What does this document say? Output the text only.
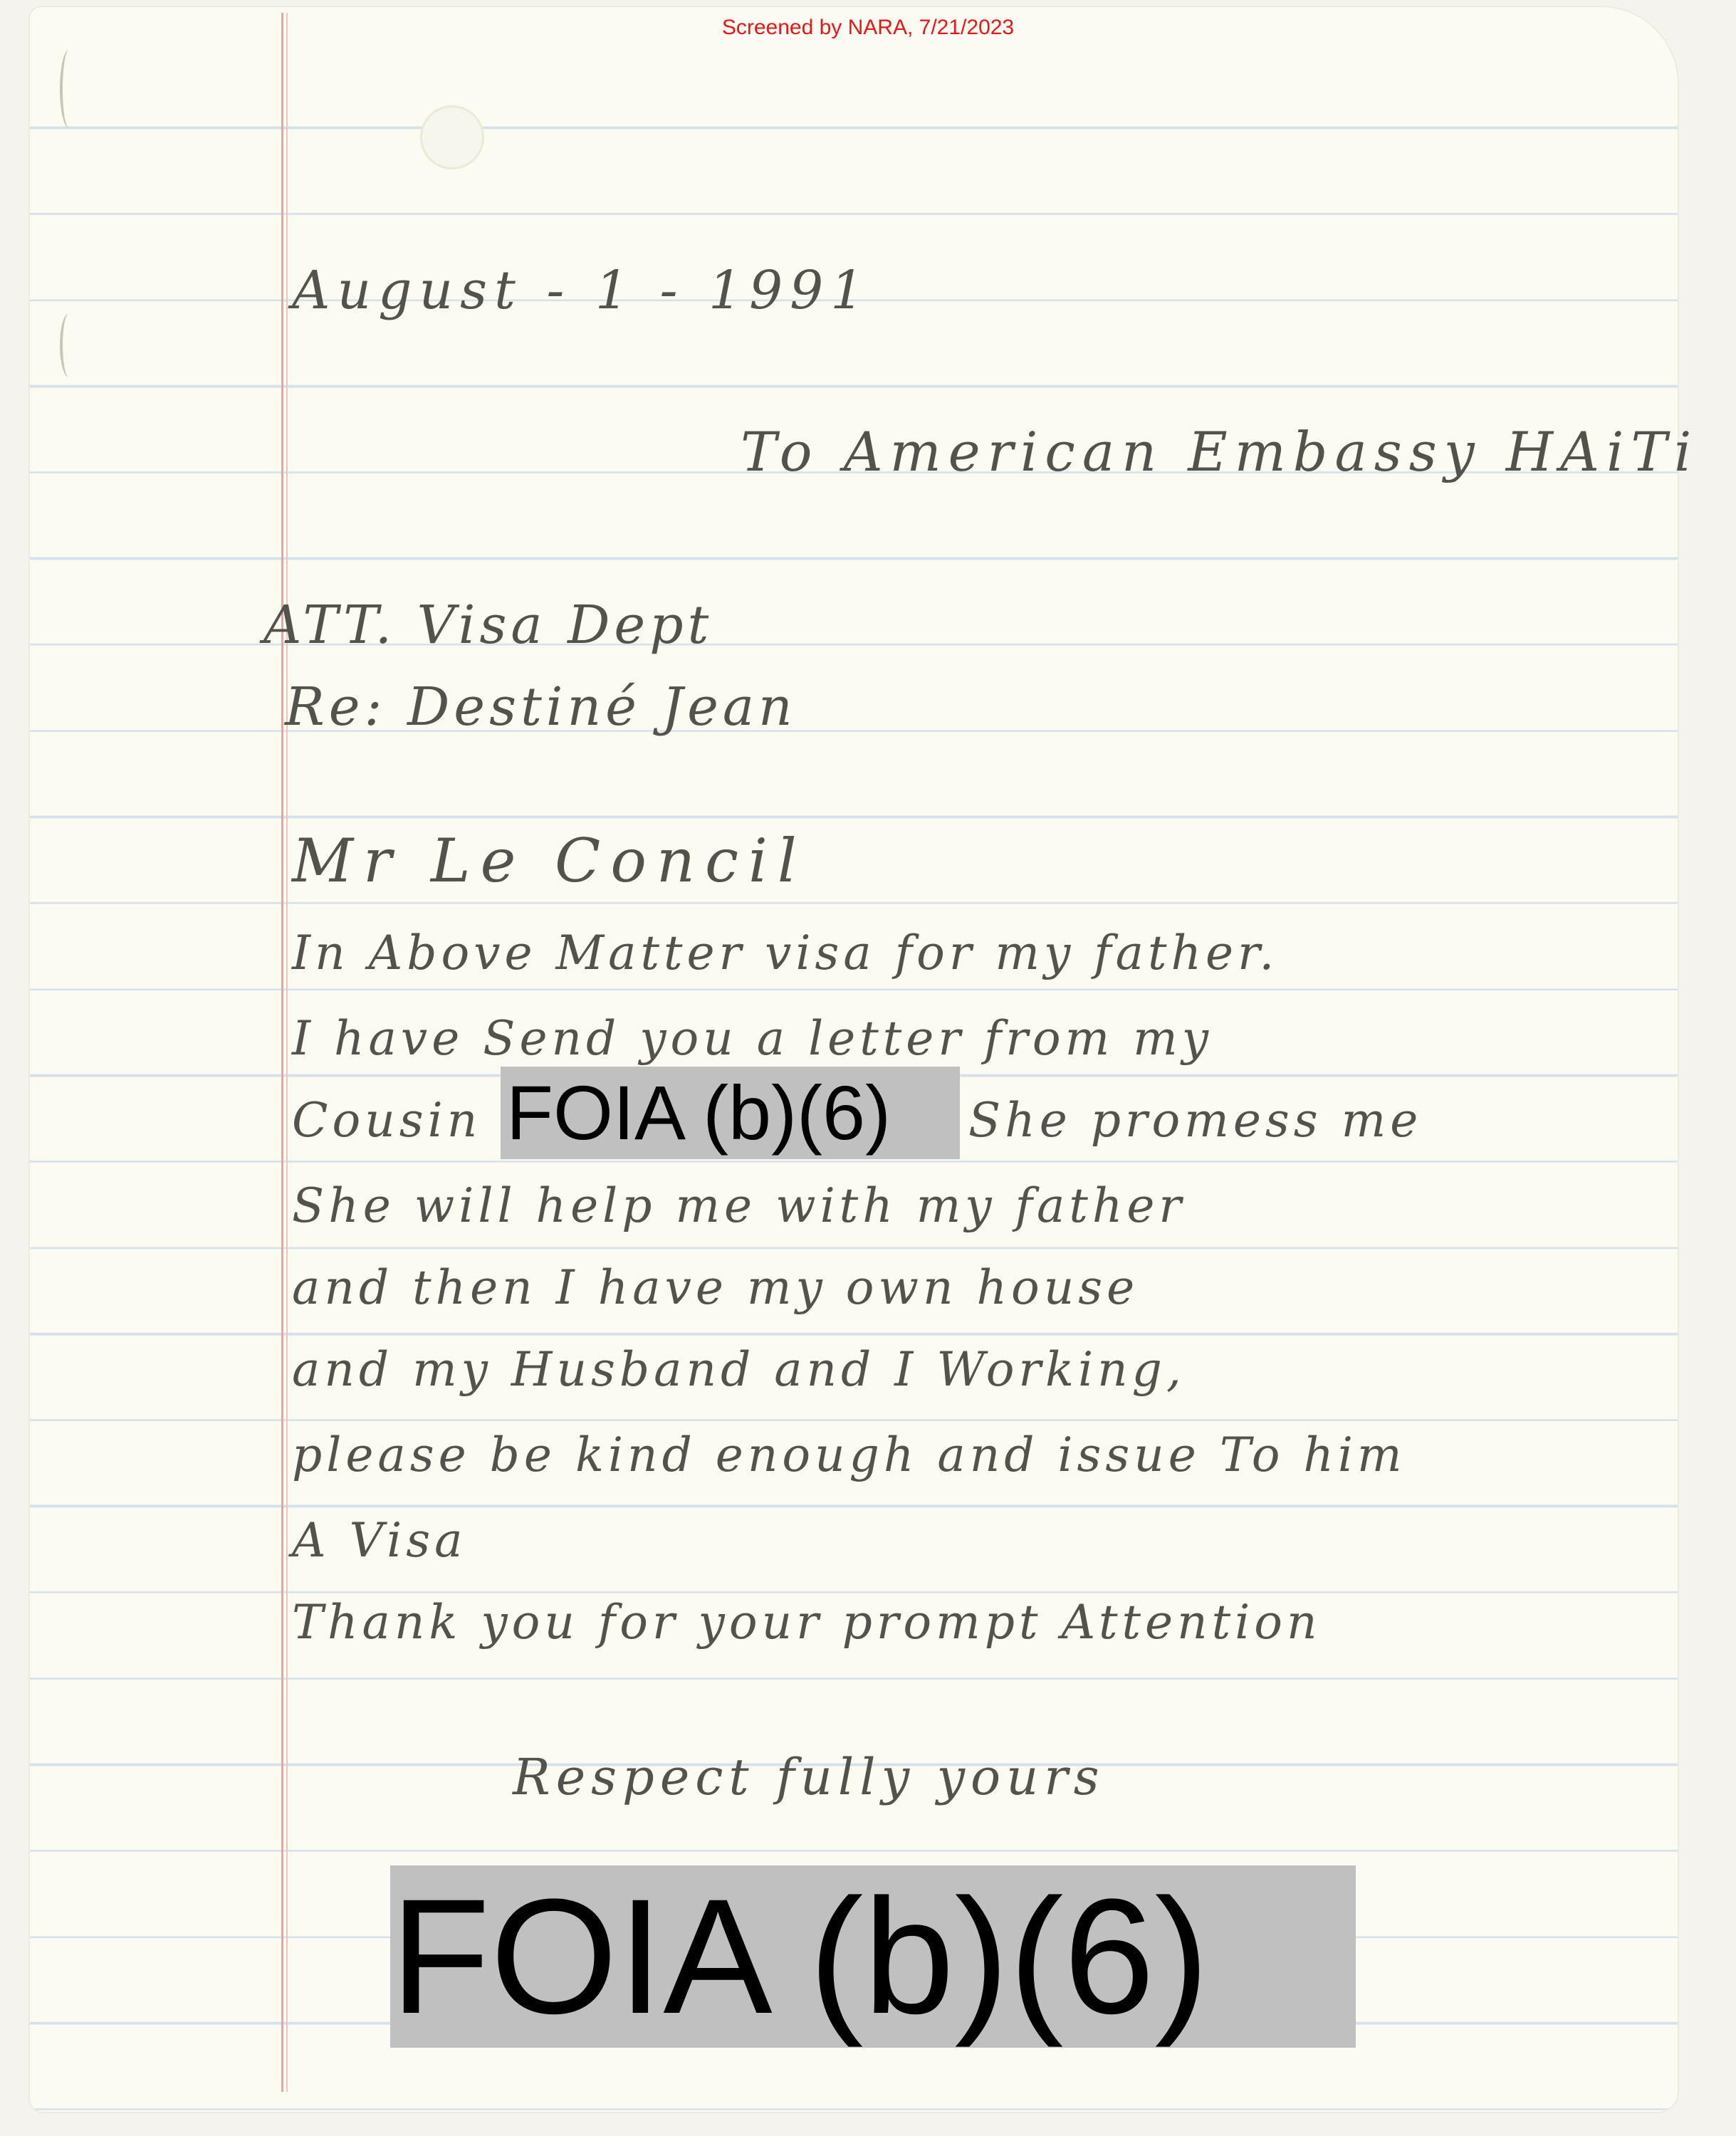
Screened by NARA, 7/21/2023
August - 1 - 1991
To American Embassy HAiTi
ATT. Visa Dept
Re: Destiné Jean
Mr Le Concil
In Above Matter visa for my father.
I have Send you a letter from my
Cousin	She promess me
She will help me with my father
and then I have my own house
and my Husband and I Working,
please be kind enough and issue To him
A Visa
Thank you for your prompt Attention
Respect fully yours
FOIA (b)(6)
FOIA (b)(6)
